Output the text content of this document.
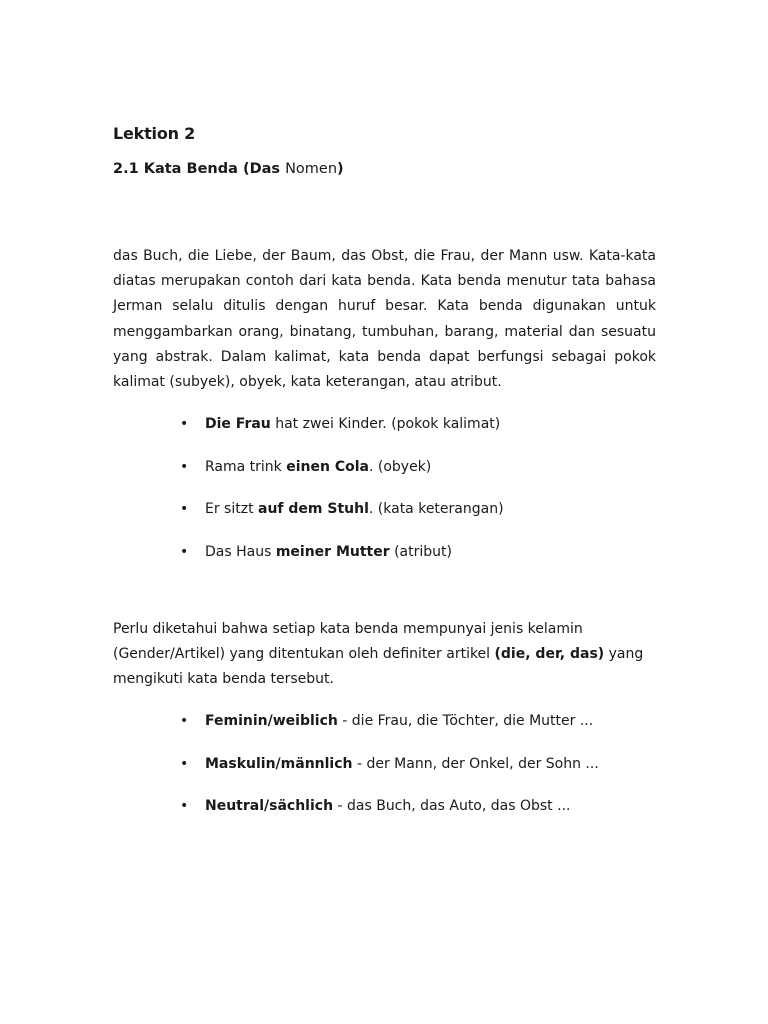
Lektion 2
2.1 Kata Benda (Das Nomen)

das Buch, die Liebe, der Baum, das Obst, die Frau, der Mann usw. Kata-kata diatas merupakan contoh dari kata benda. Kata benda menutur tata bahasa Jerman selalu ditulis dengan huruf besar. Kata benda digunakan untuk menggambarkan orang, binatang, tumbuhan, barang, material dan sesuatu yang abstrak. Dalam kalimat, kata benda dapat berfungsi sebagai pokok kalimat (subyek), obyek, kata keterangan, atau atribut.

• Die Frau hat zwei Kinder. (pokok kalimat)
• Rama trink einen Cola. (obyek)
• Er sitzt auf dem Stuhl. (kata keterangan)
• Das Haus meiner Mutter (atribut)

Perlu diketahui bahwa setiap kata benda mempunyai jenis kelamin (Gender/Artikel) yang ditentukan oleh definiter artikel (die, der, das) yang mengikuti kata benda tersebut.

• Feminin/weiblich - die Frau, die Töchter, die Mutter ...
• Maskulin/männlich - der Mann, der Onkel, der Sohn ...
• Neutral/sächlich - das Buch, das Auto, das Obst ...
